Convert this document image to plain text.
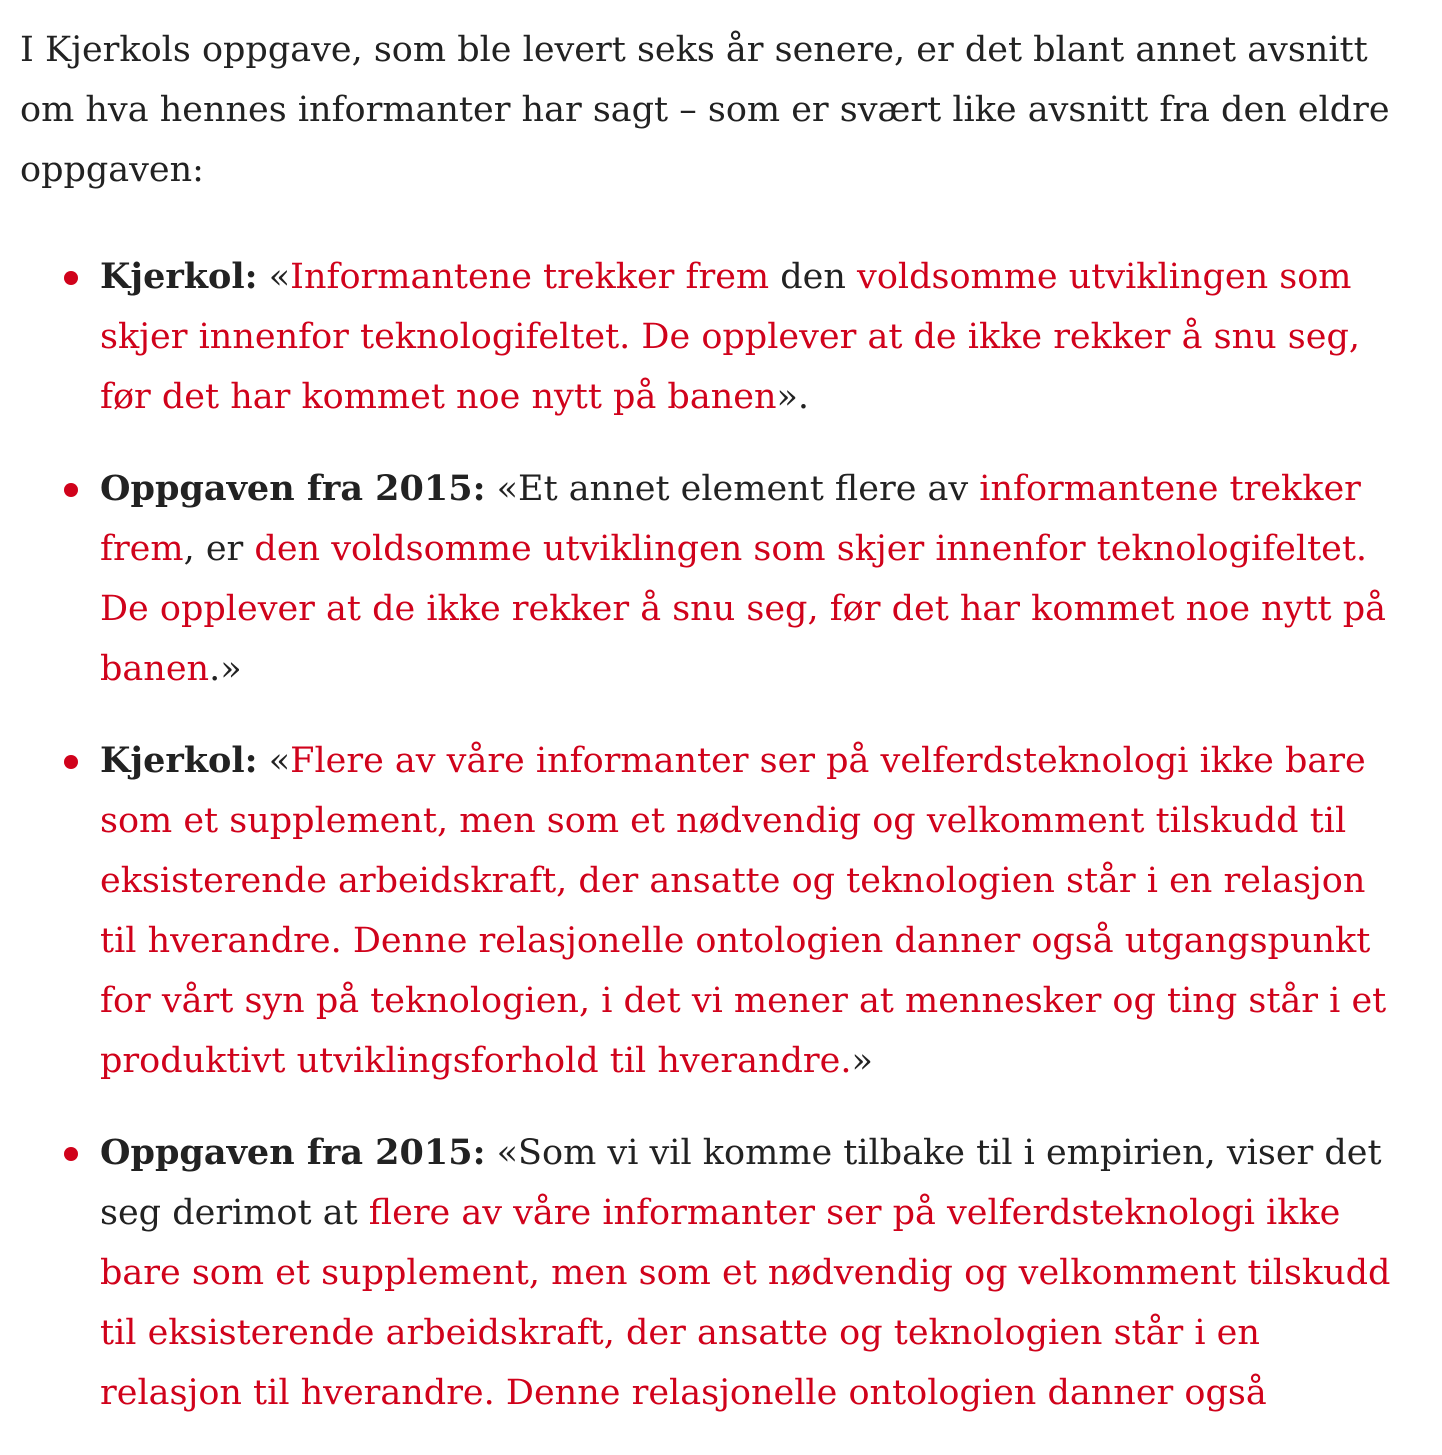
I Kjerkols oppgave, som ble levert seks år senere, er det blant annet avsnitt om hva hennes informanter har sagt – som er svært like avsnitt fra den eldre oppgaven:

Kjerkol: «Informantene trekker frem den voldsomme utviklingen som skjer innenfor teknologifeltet. De opplever at de ikke rekker å snu seg, før det har kommet noe nytt på banen».
Oppgaven fra 2015: «Et annet element flere av informantene trekker frem, er den voldsomme utviklingen som skjer innenfor teknologifeltet. De opplever at de ikke rekker å snu seg, før det har kommet noe nytt på banen.»
Kjerkol: «Flere av våre informanter ser på velferdsteknologi ikke bare som et supplement, men som et nødvendig og velkomment tilskudd til eksisterende arbeidskraft, der ansatte og teknologien står i en relasjon til hverandre. Denne relasjonelle ontologien danner også utgangspunkt for vårt syn på teknologien, i det vi mener at mennesker og ting står i et produktivt utviklingsforhold til hverandre.»
Oppgaven fra 2015: «Som vi vil komme tilbake til i empirien, viser det seg derimot at flere av våre informanter ser på velferdsteknologi ikke bare som et supplement, men som et nødvendig og velkomment tilskudd til eksisterende arbeidskraft, der ansatte og teknologien står i en relasjon til hverandre. Denne relasjonelle ontologien danner også
